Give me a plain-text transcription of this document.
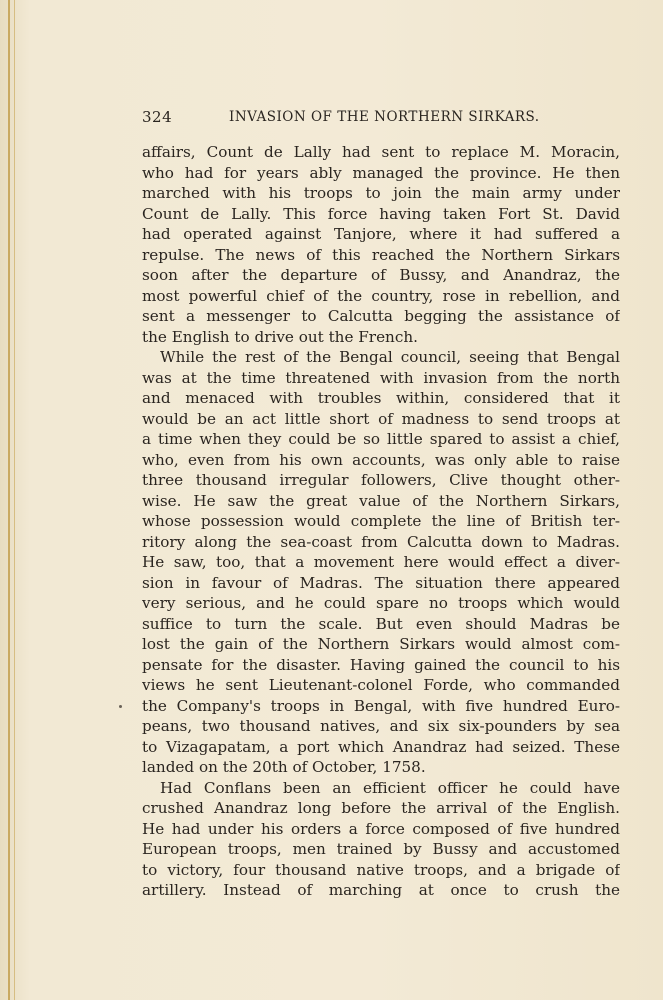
324	INVASION OF THE NORTHERN SIRKARS.
affairs, Count de Lally had sent to replace M. Moracin,
who had for years ably managed the province. He then
marched with his troops to join the main army under
Count de Lally. This force having taken Fort St. David
had operated against Tanjore, where it had suffered a
repulse. The news of this reached the Northern Sirkars
soon after the departure of Bussy, and Anandraz, the
most powerful chief of the country, rose in rebellion, and
sent a messenger to Calcutta begging the assistance of
the English to drive out the French.
While the rest of the Bengal council, seeing that Bengal
was at the time threatened with invasion from the north
and menaced with troubles within, considered that it
would be an act little short of madness to send troops at
a time when they could be so little spared to assist a chief,
who, even from his own accounts, was only able to raise
three thousand irregular followers, Clive thought other-
wise. He saw the great value of the Northern Sirkars,
whose possession would complete the line of British ter-
ritory along the sea-coast from Calcutta down to Madras.
He saw, too, that a movement here would effect a diver-
sion in favour of Madras. The situation there appeared
very serious, and he could spare no troops which would
suffice to turn the scale. But even should Madras be
lost the gain of the Northern Sirkars would almost com-
pensate for the disaster. Having gained the council to his
views he sent Lieutenant-colonel Forde, who commanded
the Company's troops in Bengal, with five hundred Euro-
peans, two thousand natives, and six six-pounders by sea
to Vizagapatam, a port which Anandraz had seized. These
landed on the 20th of October, 1758.
Had Conflans been an efficient officer he could have
crushed Anandraz long before the arrival of the English.
He had under his orders a force composed of five hundred
European troops, men trained by Bussy and accustomed
to victory, four thousand native troops, and a brigade of
artillery. Instead of marching at once to crush the
